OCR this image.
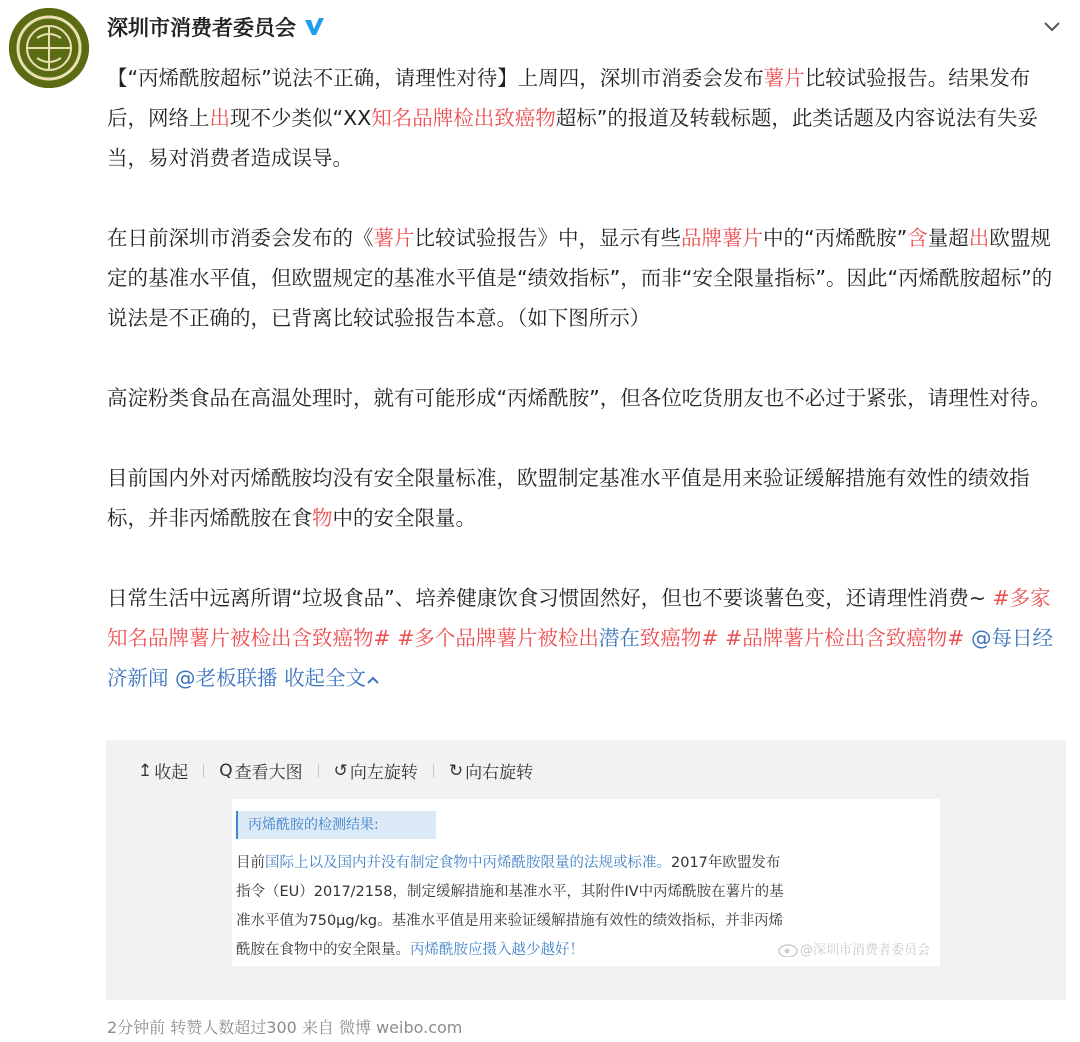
深圳市消费者委员会

【“丙烯酰胺超标”说法不正确，请理性对待】上周四，深圳市消委会发布薯片比较试验报告。结果发布后，网络上出现不少类似“XX知名品牌检出致癌物超标”的报道及转载标题，此类话题及内容说法有失妥当，易对消费者造成误导。

在日前深圳市消委会发布的《薯片比较试验报告》中，显示有些品牌薯片中的“丙烯酰胺”含量超出欧盟规定的基准水平值，但欧盟规定的基准水平值是“绩效指标”，而非“安全限量指标”。因此“丙烯酰胺超标”的说法是不正确的，已背离比较试验报告本意。（如下图所示）

高淀粉类食品在高温处理时，就有可能形成“丙烯酰胺”，但各位吃货朋友也不必过于紧张，请理性对待。

目前国内外对丙烯酰胺均没有安全限量标准，欧盟制定基准水平值是用来验证缓解措施有效性的绩效指标，并非丙烯酰胺在食物中的安全限量。

日常生活中远离所谓“垃圾食品”、培养健康饮食习惯固然好，但也不要谈薯色变，还请理性消费~ #多家知名品牌薯片被检出含致癌物# #多个品牌薯片被检出潜在致癌物# #品牌薯片检出含致癌物# @每日经济新闻 @老板联播 收起全文

↥ 收起 Q 查看大图 ↺ 向左旋转 ↻ 向右旋转
丙烯酰胺的检测结果:
目前国际上以及国内并没有制定食物中丙烯酰胺限量的法规或标准。2017年欧盟发布
指令（EU）2017/2158，制定缓解措施和基准水平，其附件IV中丙烯酰胺在薯片的基
准水平值为750μg/kg。基准水平值是用来验证缓解措施有效性的绩效指标，并非丙烯
酰胺在食物中的安全限量。丙烯酰胺应摄入越少越好！	@深圳市消费者委员会
2分钟前 转赞人数超过300 来自 微博 weibo.com
